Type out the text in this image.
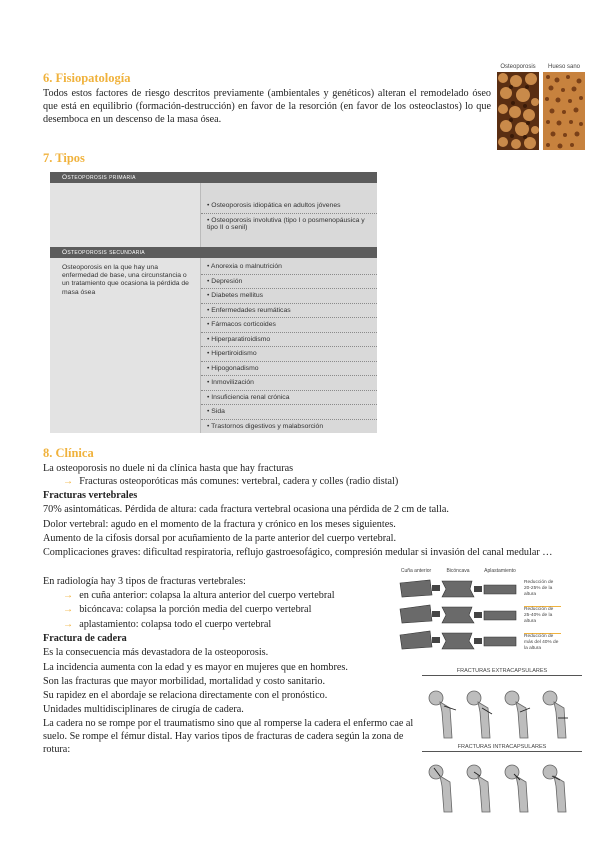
6. Fisiopatología
Todos estos factores de riesgo descritos previamente (ambientales y genéticos) alteran el remodelado óseo que está en equilibrio (formación-destrucción) en favor de la resorción (en favor de los osteoclastos) lo que desemboca en un descenso de la masa ósea.
Osteoporosis	Hueso sano
7. Tipos
Osteoporosis primaria
• Osteoporosis idiopática en adultos jóvenes
• Osteoporosis involutiva (tipo I o posmenopáusica y tipo II o senil)
Osteoporosis secundaria
Osteoporosis en la que hay una enfermedad de base, una circunstancia o un tratamiento que ocasiona la pérdida de masa ósea
• Anorexia o malnutrición
• Depresión
• Diabetes mellitus
• Enfermedades reumáticas
• Fármacos corticoides
• Hiperparatiroidismo
• Hipertiroidismo
• Hipogonadismo
• Inmovilización
• Insuficiencia renal crónica
• Sida
• Trastornos digestivos y malabsorción
8. Clínica
La osteoporosis no duele ni da clínica hasta que hay fracturas
→ Fracturas osteoporóticas más comunes: vertebral, cadera y colles (radio distal)
Fracturas vertebrales
70% asintomáticas. Pérdida de altura: cada fractura vertebral ocasiona una pérdida de 2 cm de talla.
Dolor vertebral: agudo en el momento de la fractura y crónico en los meses siguientes.
Aumento de la cifosis dorsal por acuñamiento de la parte anterior del cuerpo vertebral.
Complicaciones graves: dificultad respiratoria, reflujo gastroesofágico, compresión medular si invasión del canal medular …
En radiología hay 3 tipos de fracturas vertebrales:
→ en cuña anterior: colapsa la altura anterior del cuerpo vertebral
→ bicóncava: colapsa la porción media del cuerpo vertebral
→ aplastamiento: colapsa todo el cuerpo vertebral
Cuña anterior	Bicóncava	Aplastamiento
Reducción de 20-25% de la altura
Reducción de 25-40% de la altura
Reducción de más del 40% de la altura
Fractura de cadera
Es la consecuencia más devastadora de la osteoporosis.
La incidencia aumenta con la edad y es mayor en mujeres que en hombres.
Son las fracturas que mayor morbilidad, mortalidad y costo sanitario.
Su rapidez en el abordaje se relaciona directamente con el pronóstico.
Unidades multidisciplinares de cirugía de cadera.
La cadera no se rompe por el traumatismo sino que al romperse la cadera el enfermo cae al suelo. Se rompe el fémur distal. Hay varios tipos de fracturas de cadera según la zona de rotura:
FRACTURAS EXTRACAPSULARES
FRACTURAS INTRACAPSULARES
